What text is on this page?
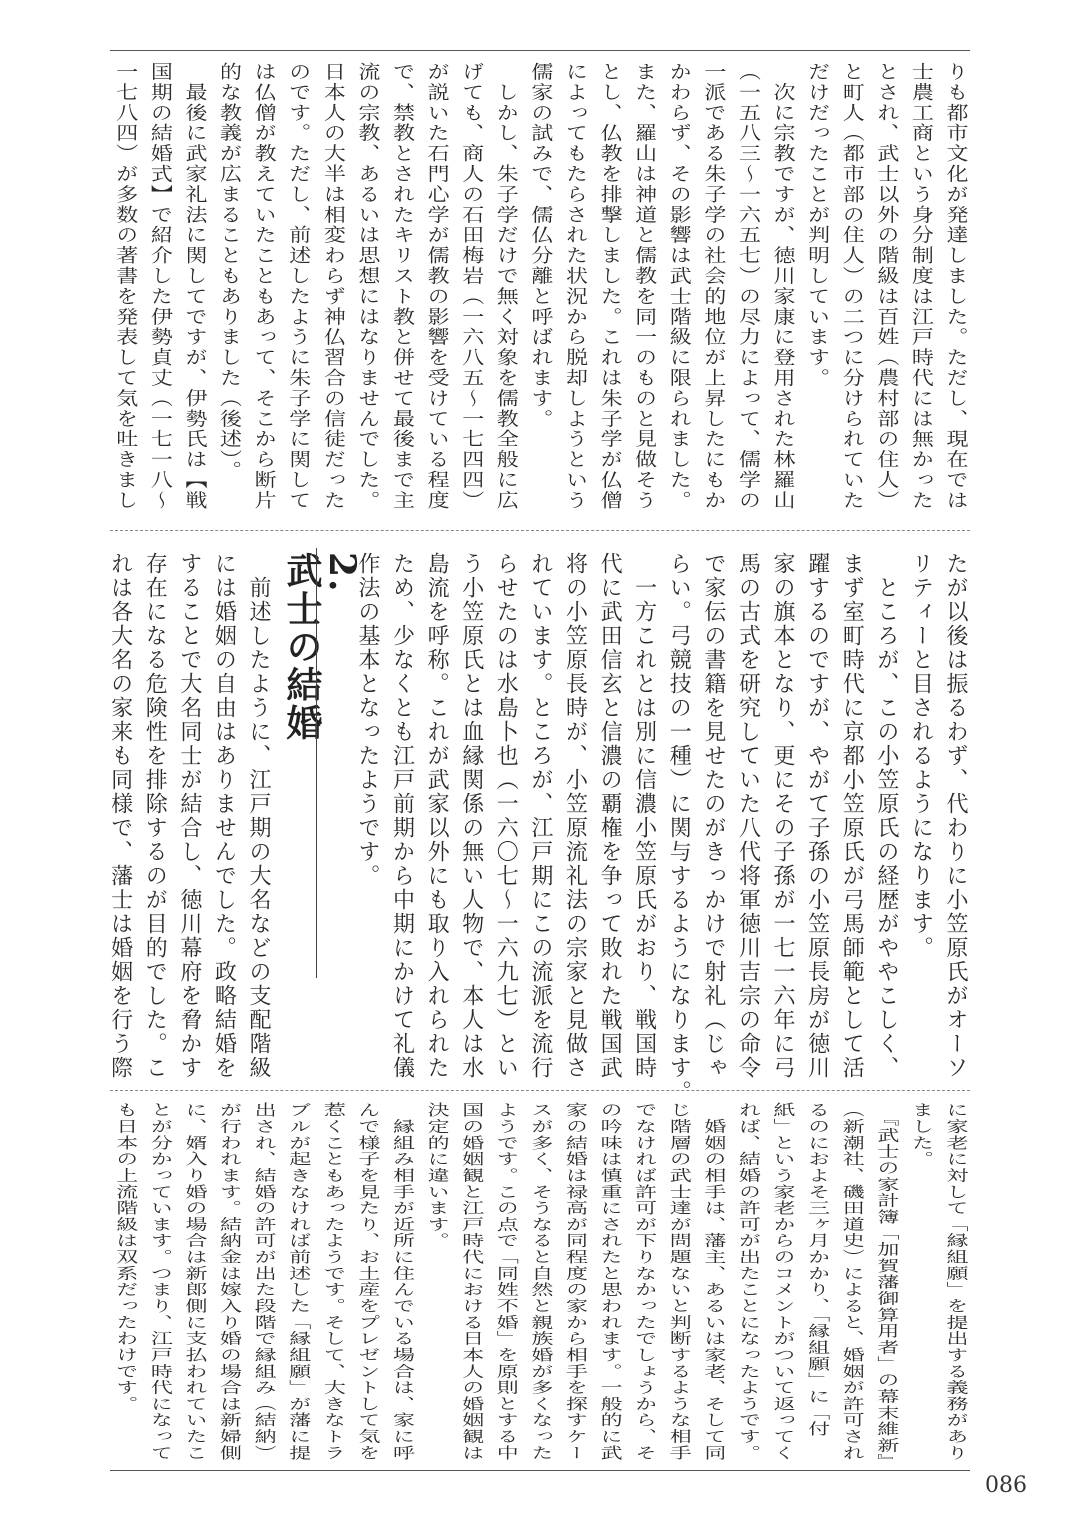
りも都市文化が発達しました。ただし、現在では
士農工商という身分制度は江戸時代には無かった
とされ、武士以外の階級は百姓（農村部の住人）
と町人（都市部の住人）の二つに分けられていた
だけだったことが判明しています。
　次に宗教ですが、徳川家康に登用された林羅山
（一五八三〜一六五七）の尽力によって、儒学の
一派である朱子学の社会的地位が上昇したにもか
かわらず、その影響は武士階級に限られました。
また、羅山は神道と儒教を同一のものと見做そう
とし、仏教を排撃しました。これは朱子学が仏僧
によってもたらされた状況から脱却しようという
儒家の試みで、儒仏分離と呼ばれます。
　しかし、朱子学だけで無く対象を儒教全般に広
げても、商人の石田梅岩（一六八五〜一七四四）
が説いた石門心学が儒教の影響を受けている程度
で、禁教とされたキリスト教と併せて最後まで主
流の宗教、あるいは思想にはなりませんでした。
日本人の大半は相変わらず神仏習合の信徒だった
のです。ただし、前述したように朱子学に関して
は仏僧が教えていたこともあって、そこから断片
的な教義が広まることもありました（後述）。
　最後に武家礼法に関してですが、伊勢氏は【戦
国期の結婚式】で紹介した伊勢貞丈（一七一八〜
一七八四）が多数の著書を発表して気を吐きまし
たが以後は振るわず、代わりに小笠原氏がオーソ
リティーと目されるようになります。
　ところが、この小笠原氏の経歴がややこしく、
まず室町時代に京都小笠原氏が弓馬師範として活
躍するのですが、やがて子孫の小笠原長房が徳川
家の旗本となり、更にその子孫が一七一六年に弓
馬の古式を研究していた八代将軍徳川吉宗の命令
で家伝の書籍を見せたのがきっかけで射礼（じゃ
らい。弓競技の一種）に関与するようになります。
　一方これとは別に信濃小笠原氏がおり、戦国時
代に武田信玄と信濃の覇権を争って敗れた戦国武
将の小笠原長時が、小笠原流礼法の宗家と見做さ
れています。ところが、江戸期にこの流派を流行
らせたのは水島卜也（一六〇七〜一六九七）とい
う小笠原氏とは血縁関係の無い人物で、本人は水
島流を呼称。これが武家以外にも取り入れられた
ため、少なくとも江戸前期から中期にかけて礼儀
作法の基本となったようです。
2.
武士の結婚
　前述したように、江戸期の大名などの支配階級
には婚姻の自由はありませんでした。政略結婚を
することで大名同士が結合し、徳川幕府を脅かす
存在になる危険性を排除するのが目的でした。こ
れは各大名の家来も同様で、藩士は婚姻を行う際
に家老に対して「縁組願」を提出する義務があり
ました。
　『武士の家計簿「加賀藩御算用者」の幕末維新』
（新潮社、磯田道史）によると、婚姻が許可され
るのにおよそ三ヶ月かかり、「縁組願」に「付
紙」という家老からのコメントがついて返ってく
れば、結婚の許可が出たことになったようです。
　婚姻の相手は、藩主、あるいは家老、そして同
じ階層の武士達が問題ないと判断するような相手
でなければ許可が下りなかったでしょうから、そ
の吟味は慎重にされたと思われます。一般的に武
家の結婚は禄高が同程度の家から相手を探すケー
スが多く、そうなると自然と親族婚が多くなった
ようです。この点で「同姓不婚」を原則とする中
国の婚姻観と江戸時代における日本人の婚姻観は
決定的に違います。
　縁組み相手が近所に住んでいる場合は、家に呼
んで様子を見たり、お土産をプレゼントして気を
惹くこともあったようです。そして、大きなトラ
ブルが起きなければ前述した「縁組願」が藩に提
出され、結婚の許可が出た段階で縁組み（結納）
が行われます。結納金は嫁入り婚の場合は新婦側
に、婿入り婚の場合は新郎側に支払われていたこ
とが分かっています。つまり、江戸時代になって
も日本の上流階級は双系だったわけです。
086
